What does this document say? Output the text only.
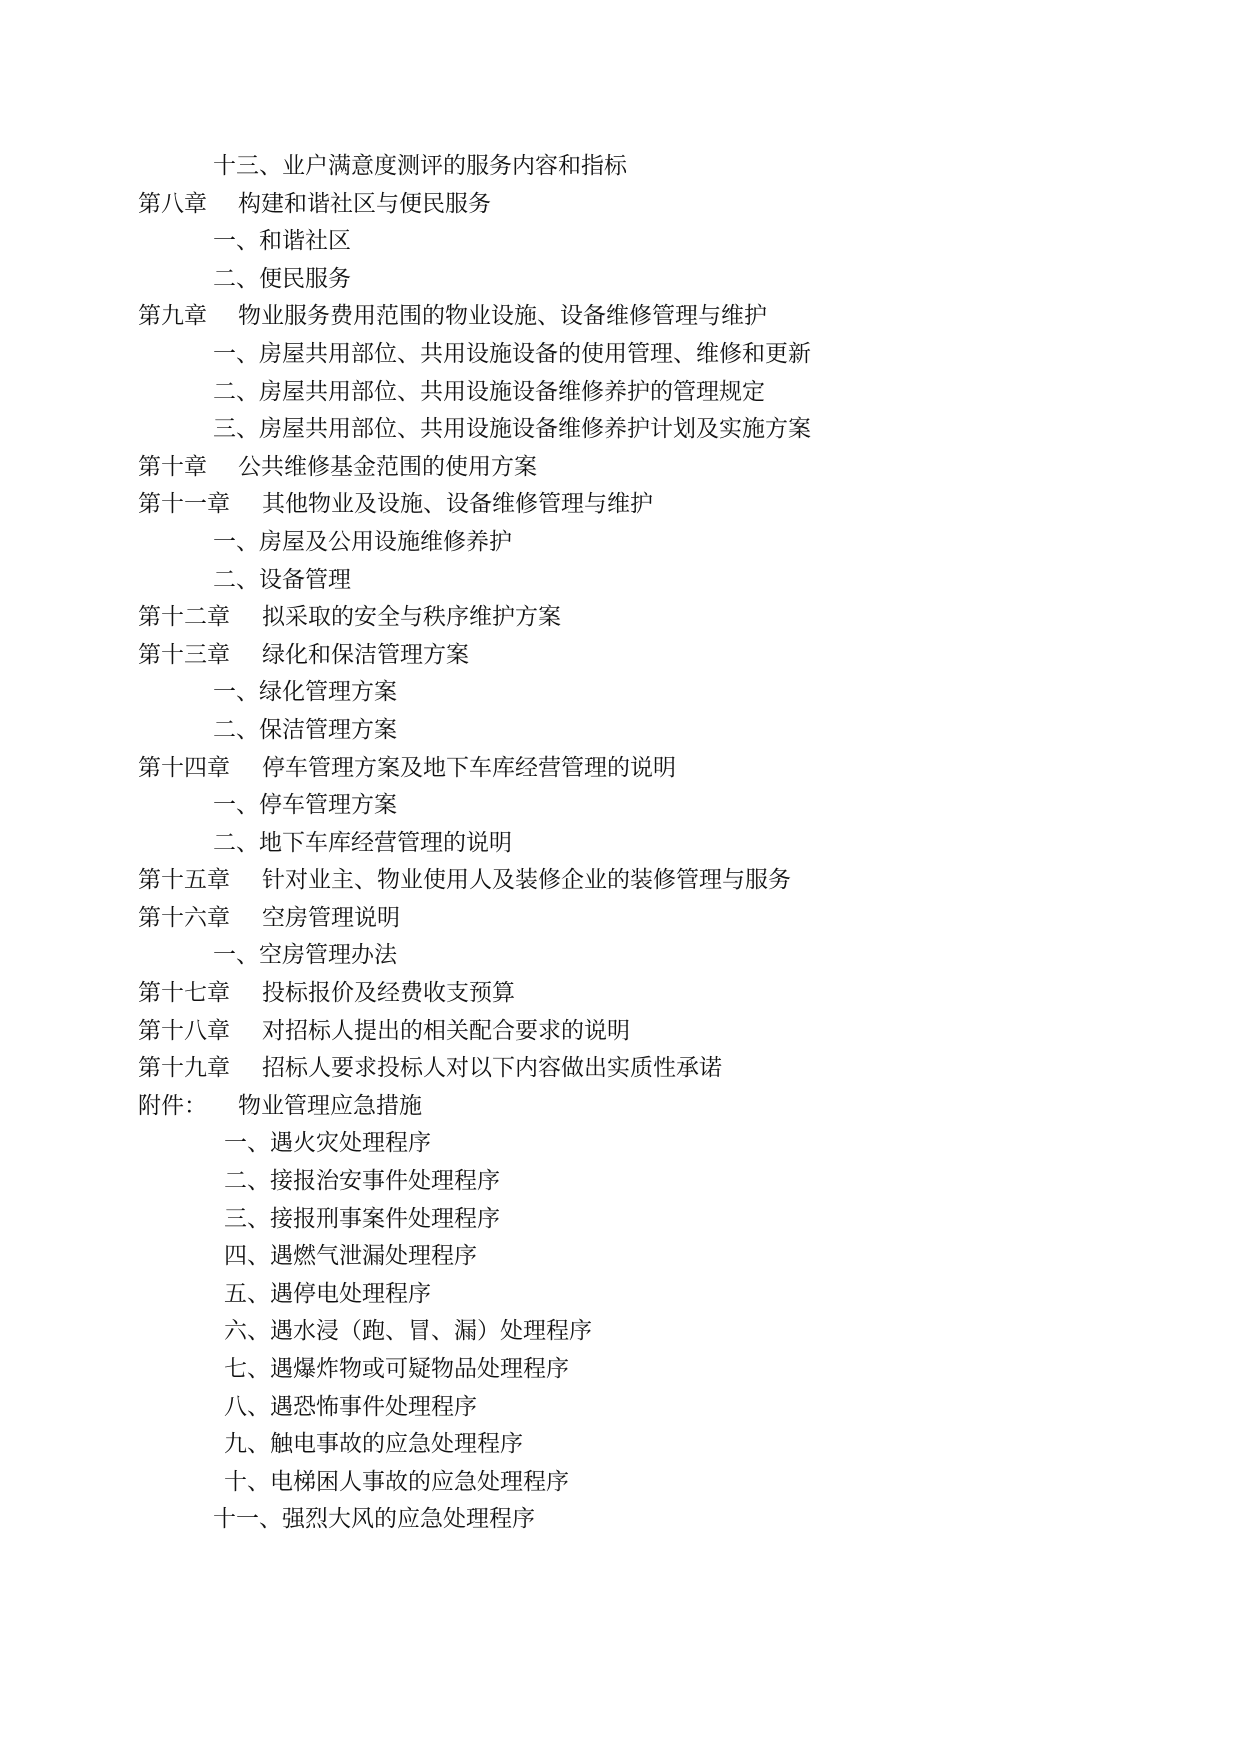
十三、业户满意度测评的服务内容和指标
第八章 构建和谐社区与便民服务
一、和谐社区
二、便民服务
第九章 物业服务费用范围的物业设施、设备维修管理与维护
一、房屋共用部位、共用设施设备的使用管理、维修和更新
二、房屋共用部位、共用设施设备维修养护的管理规定
三、房屋共用部位、共用设施设备维修养护计划及实施方案
第十章 公共维修基金范围的使用方案
第十一章 其他物业及设施、设备维修管理与维护
一、房屋及公用设施维修养护
二、设备管理
第十二章 拟采取的安全与秩序维护方案
第十三章 绿化和保洁管理方案
一、绿化管理方案
二、保洁管理方案
第十四章 停车管理方案及地下车库经营管理的说明
一、停车管理方案
二、地下车库经营管理的说明
第十五章 针对业主、物业使用人及装修企业的装修管理与服务
第十六章 空房管理说明
一、空房管理办法
第十七章 投标报价及经费收支预算
第十八章 对招标人提出的相关配合要求的说明
第十九章 招标人要求投标人对以下内容做出实质性承诺
附件： 物业管理应急措施
一、遇火灾处理程序
二、接报治安事件处理程序
三、接报刑事案件处理程序
四、遇燃气泄漏处理程序
五、遇停电处理程序
六、遇水浸（跑、冒、漏）处理程序
七、遇爆炸物或可疑物品处理程序
八、遇恐怖事件处理程序
九、触电事故的应急处理程序
十、电梯困人事故的应急处理程序
十一、强烈大风的应急处理程序
